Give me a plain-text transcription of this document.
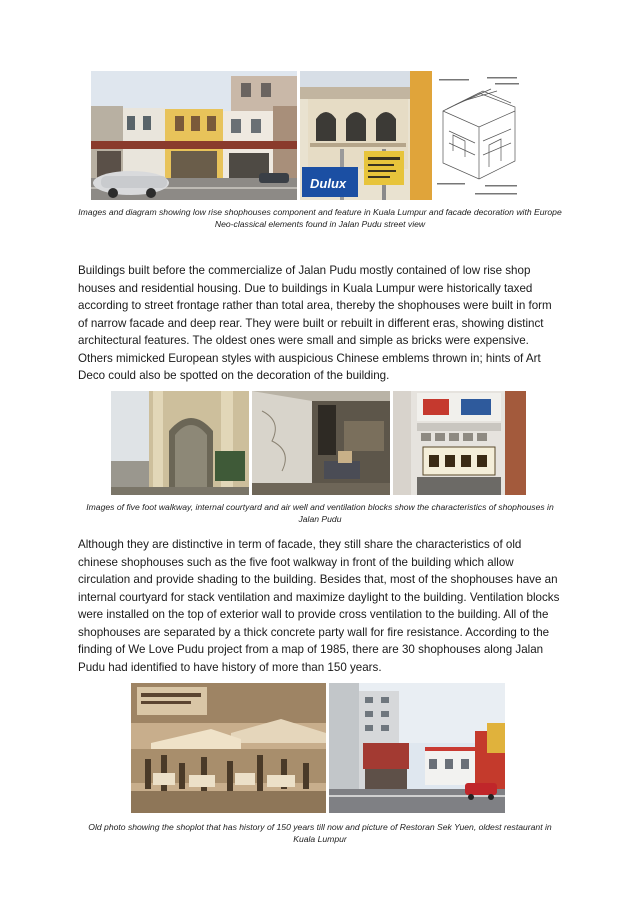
Dulux
Images and diagram showing low rise shophouses component and feature in Kuala Lumpur and facade decoration with Europe Neo-classical elements found in Jalan Pudu street view

Buildings built before the commercialize of Jalan Pudu mostly contained of low rise shop houses and residential housing. Due to buildings in Kuala Lumpur were historically taxed according to street frontage rather than total area, thereby the shophouses were built in form of narrow facade and deep rear. They were built or rebuilt in different eras, showing distinct architectural features. The oldest ones were small and simple as bricks were expensive. Others mimicked European styles with auspicious Chinese emblems thrown in; hints of Art Deco could also be spotted on the decoration of the building.

Images of five foot walkway, internal courtyard and air well and ventilation blocks show the characteristics of shophouses in Jalan Pudu

Although they are distinctive in term of facade, they still share the characteristics of old chinese shophouses such as the five foot walkway in front of the building which allow circulation and provide shading to the building. Besides that, most of the shophouses have an internal courtyard for stack ventilation and maximize daylight to the building. Ventilation blocks were installed on the top of exterior wall to provide cross ventilation to the building. All of the shophouses are separated by a thick concrete party wall for fire resistance. According to the finding of We Love Pudu project from a map of 1985, there are 30 shophouses along Jalan Pudu had identified to have history of more than 150 years.

Old photo showing the shoplot that has history of 150 years till now and picture of Restoran Sek Yuen, oldest restaurant in Kuala Lumpur
